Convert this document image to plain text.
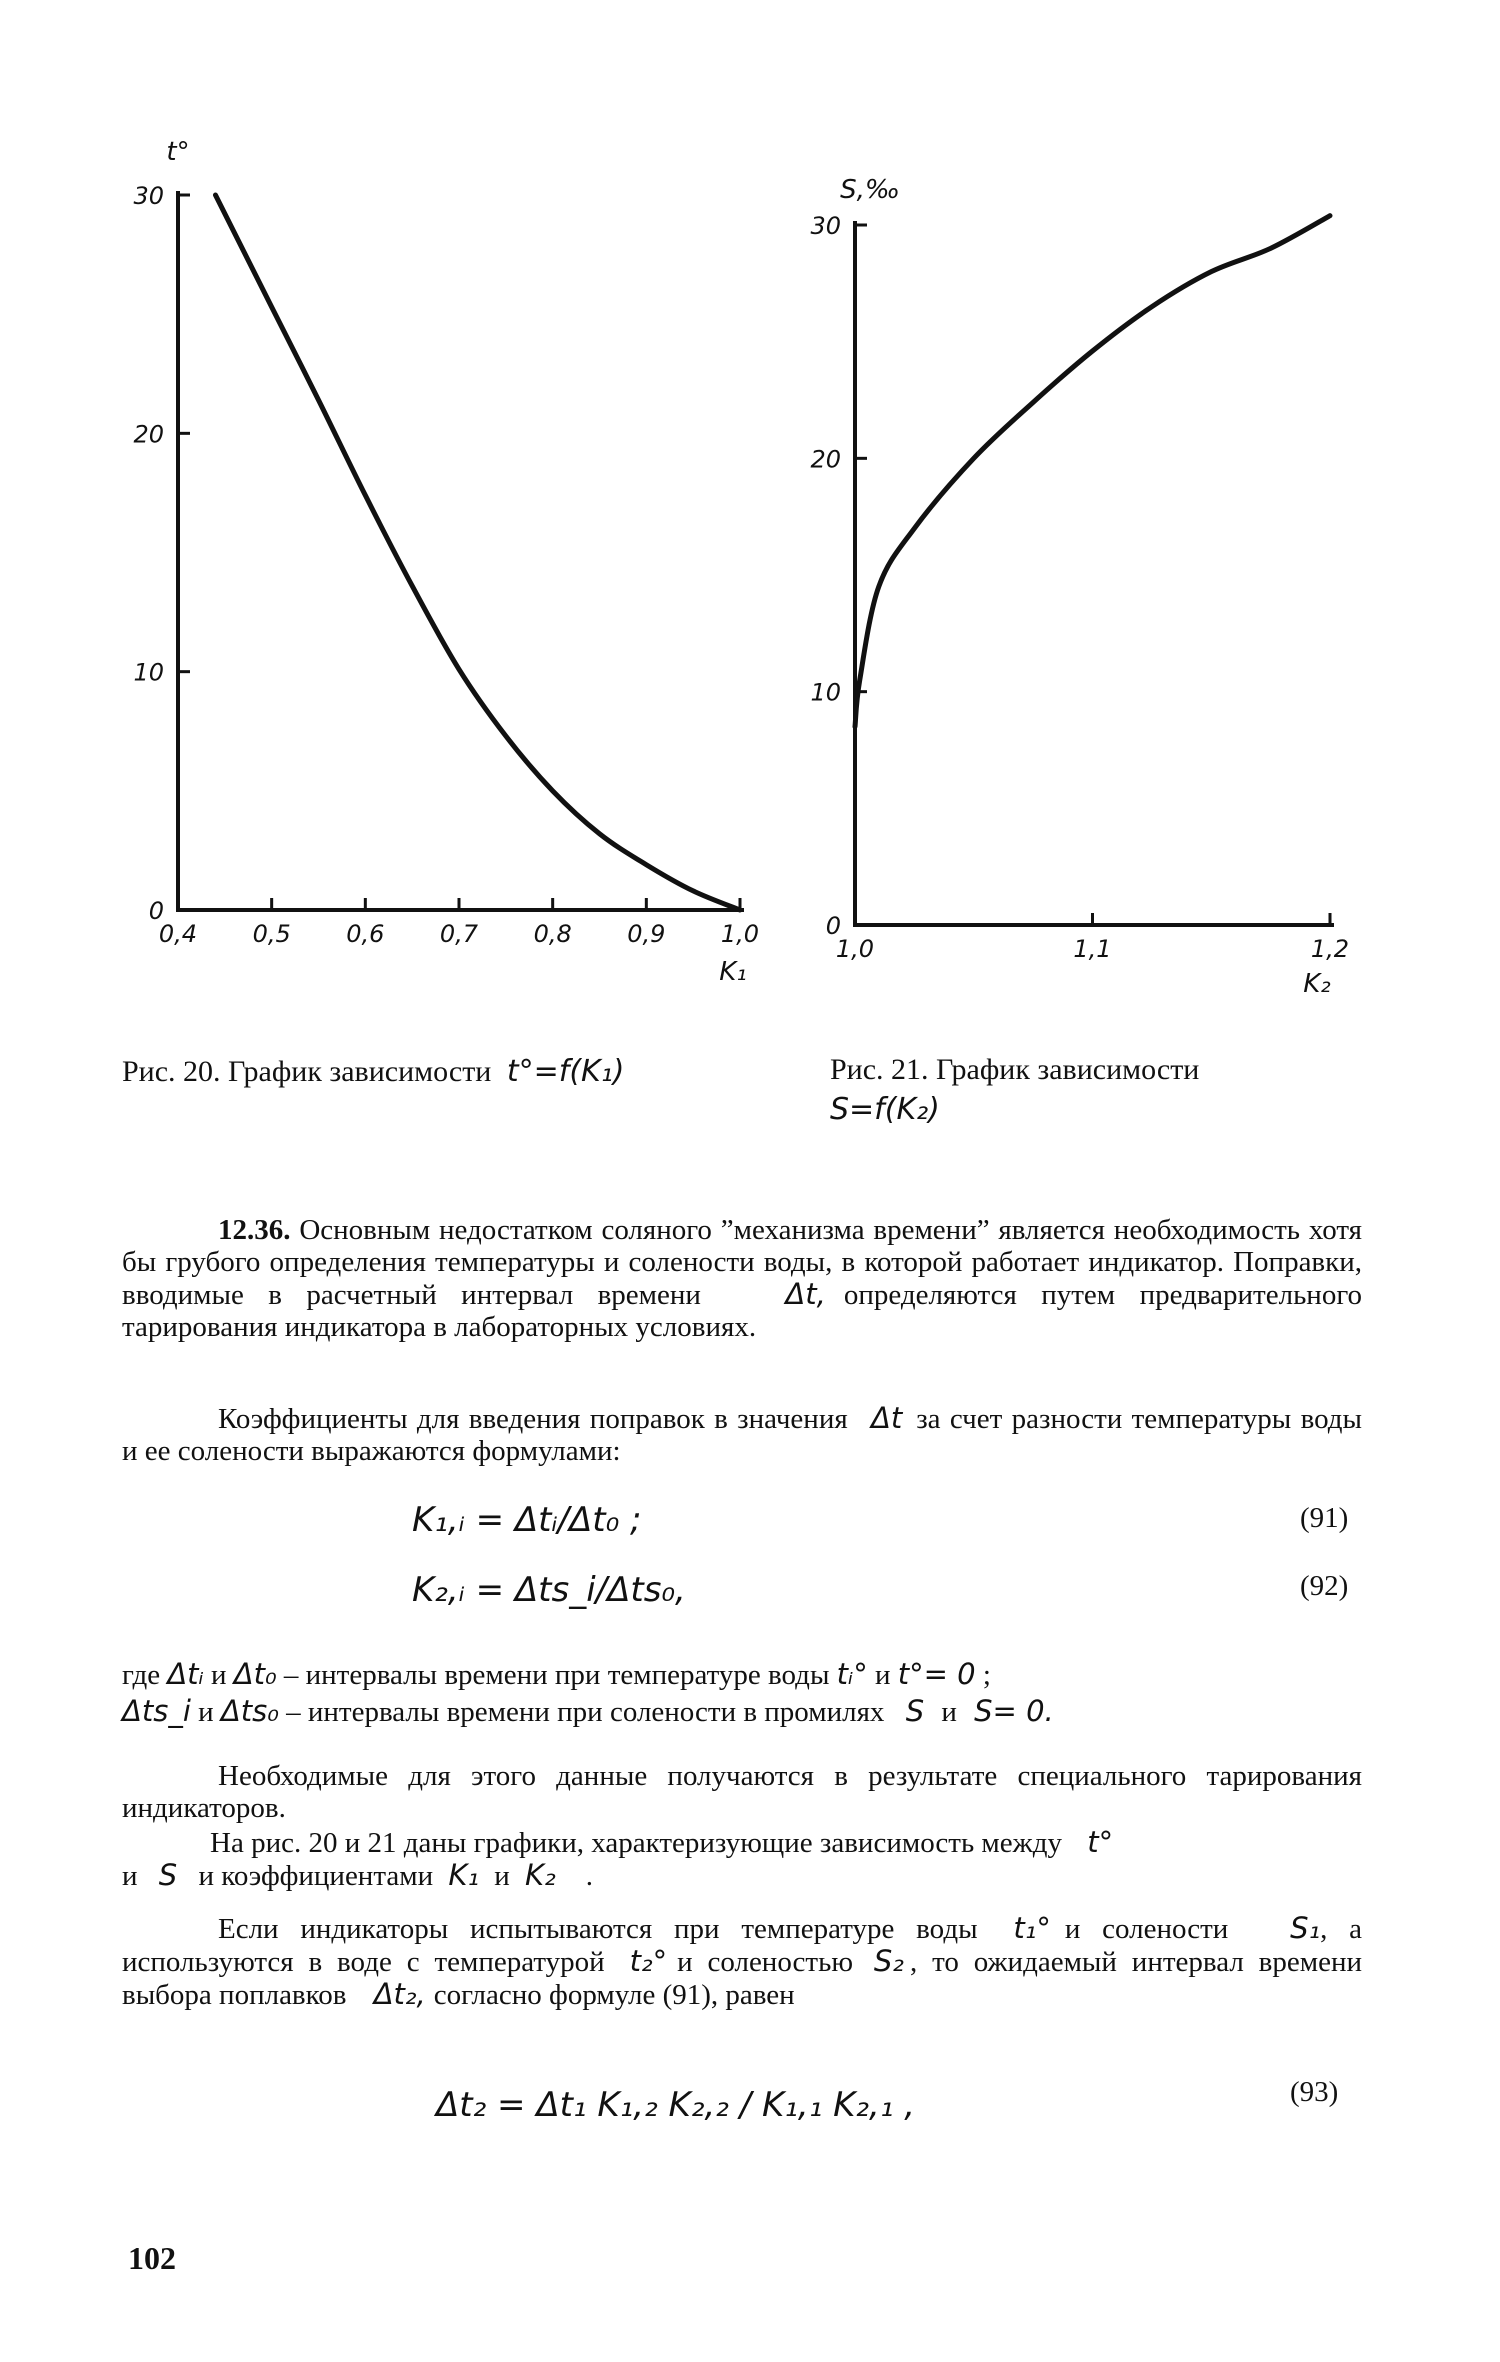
0
10
20
30
0,4 0,5 0,6 0,7 0,8 0,9 1,0
t°
K₁
0
10
20
30
1,0	1,1	1,2
S,‰
K₂
Рис. 20. График зависимости t°=f(K₁)	Рис. 21. График зависимости
S=f(K₂)
12.36. Основным недостатком соляного ”механизма времени” является необходимость хотя бы грубого определения температуры и солености воды, в которой работает индикатор. Поправки, вводимые в расчетный интервал времени	Δt, определяются путем предварительного тарирования индикатора в лабораторных условиях.
Коэффициенты для введения поправок в значения Δt за счет разности температуры воды и ее солености выражаются формулами:
K₁,ᵢ = Δtᵢ/Δt₀ ;	(91)
K₂,ᵢ = Δts_i/Δts₀,	(92)
где Δtᵢ и Δt₀ – интервалы времени при температуре воды tᵢ° и t°= 0 ;
Δts_i и Δts₀ – интервалы времени при солености в промилях S и S= 0.
Необходимые для этого данные получаются в результате специального тарирования индикаторов.
На рис. 20 и 21 даны графики, характеризующие зависимость между t°
и S и коэффициентами K₁ и K₂ .
Если индикаторы испытываются при температуре воды t₁° и солености S₁, а используются в воде с температурой t₂° и соленостью S₂ , то ожидаемый интервал времени выбора поплавков Δt₂, согласно формуле (91), равен
Δt₂ = Δt₁ K₁,₂ K₂,₂ / K₁,₁ K₂,₁ ,	(93)
102
